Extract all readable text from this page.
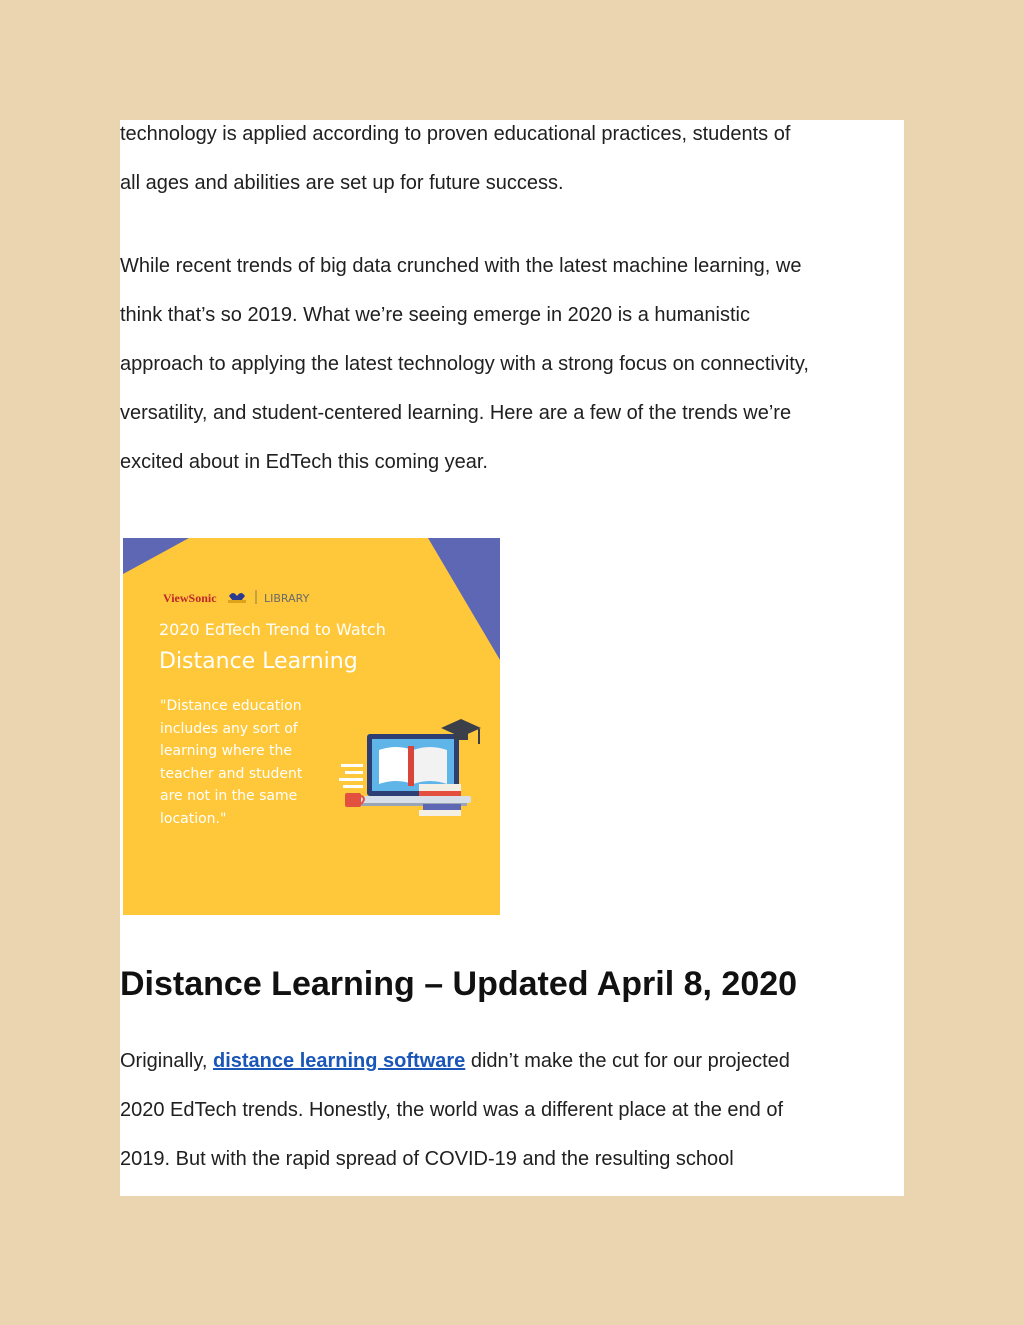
technology is applied according to proven educational practices, students of
all ages and abilities are set up for future success.
While recent trends of big data crunched with the latest machine learning, we
think that’s so 2019. What we’re seeing emerge in 2020 is a humanistic
approach to applying the latest technology with a strong focus on connectivity,
versatility, and student-centered learning. Here are a few of the trends we’re
excited about in EdTech this coming year.
ViewSonic	LIBRARY
2020 EdTech Trend to Watch
Distance Learning
"Distance education
includes any sort of
learning where the
teacher and student
are not in the same
location."
Distance Learning – Updated April 8, 2020
Originally, distance learning software didn’t make the cut for our projected
2020 EdTech trends. Honestly, the world was a different place at the end of
2019. But with the rapid spread of COVID-19 and the resulting school
